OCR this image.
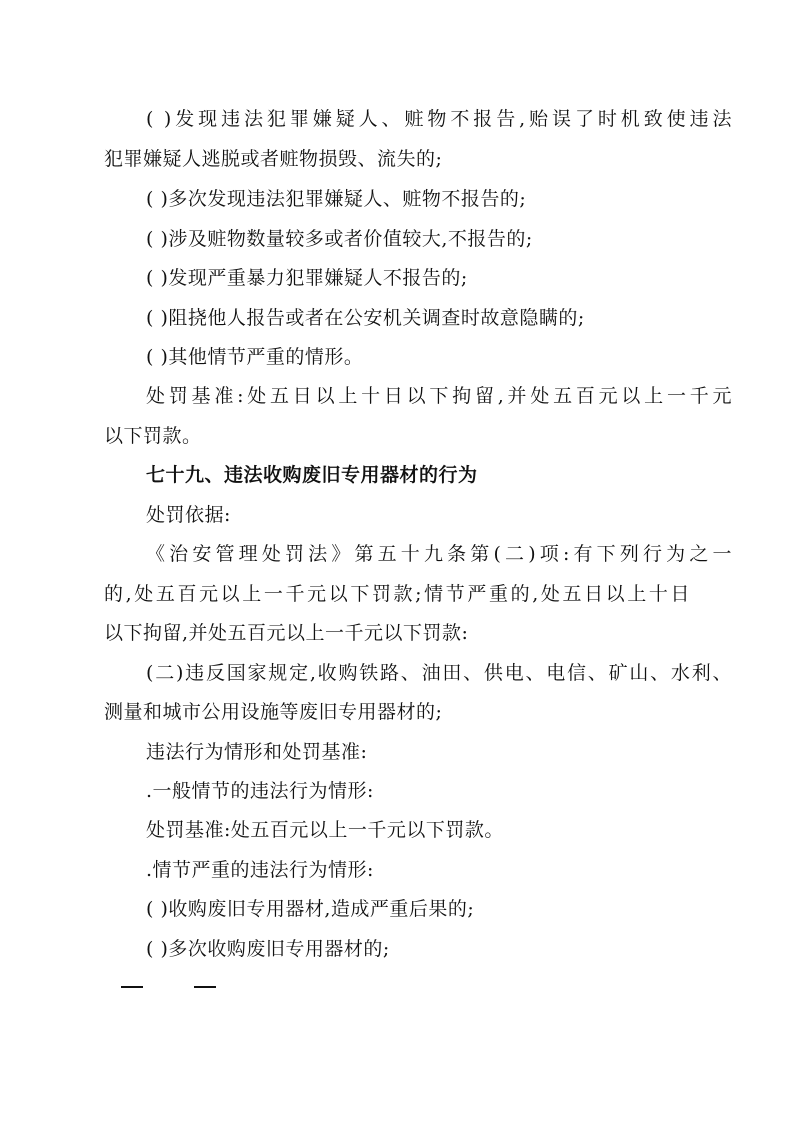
( )发现违法犯罪嫌疑人、赃物不报告,贻误了时机致使违法
犯罪嫌疑人逃脱或者赃物损毁、流失的;
( )多次发现违法犯罪嫌疑人、赃物不报告的;
( )涉及赃物数量较多或者价值较大,不报告的;
( )发现严重暴力犯罪嫌疑人不报告的;
( )阻挠他人报告或者在公安机关调查时故意隐瞒的;
( )其他情节严重的情形。
处罚基准:处五日以上十日以下拘留,并处五百元以上一千元
以下罚款。
七十九、违法收购废旧专用器材的行为
处罚依据:
《治安管理处罚法》第五十九条第(二)项:有下列行为之一
的,处五百元以上一千元以下罚款;情节严重的,处五日以上十日
以下拘留,并处五百元以上一千元以下罚款:
(二)违反国家规定,收购铁路、油田、供电、电信、矿山、水利、
测量和城市公用设施等废旧专用器材的;
违法行为情形和处罚基准:
.一般情节的违法行为情形:
处罚基准:处五百元以上一千元以下罚款。
.情节严重的违法行为情形:
( )收购废旧专用器材,造成严重后果的;
( )多次收购废旧专用器材的;
